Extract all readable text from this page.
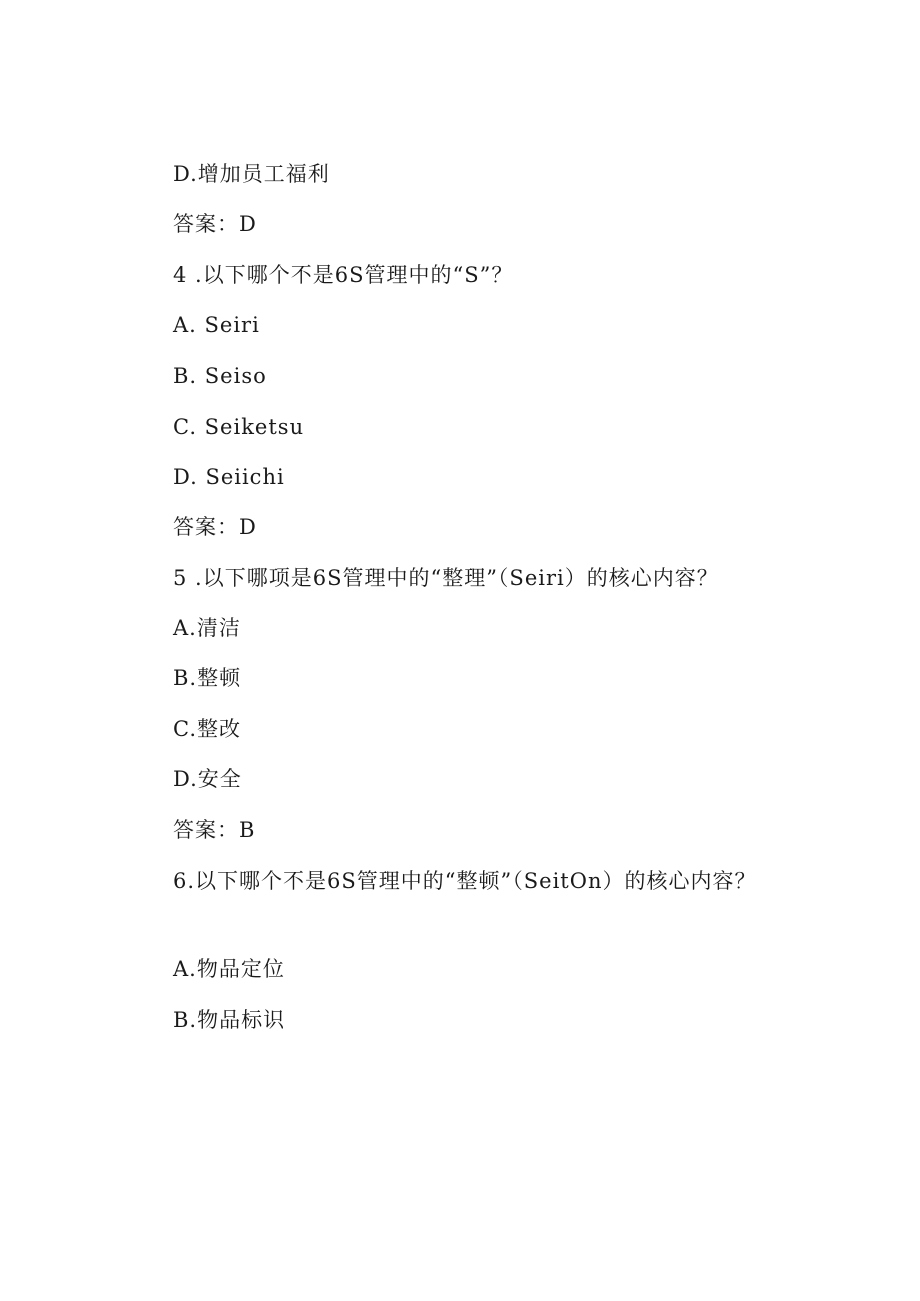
D.增加员工福利
答案：D
4 .以下哪个不是6S管理中的“S”？
A. Seiri
B. Seiso
C. Seiketsu
D. Seiichi
答案：D
5 .以下哪项是6S管理中的“整理”（Seiri）的核心内容？
A.清洁
B.整顿
C.整改
D.安全
答案：B
6.以下哪个不是6S管理中的“整顿”（SeitOn）的核心内容？
A.物品定位
B.物品标识
